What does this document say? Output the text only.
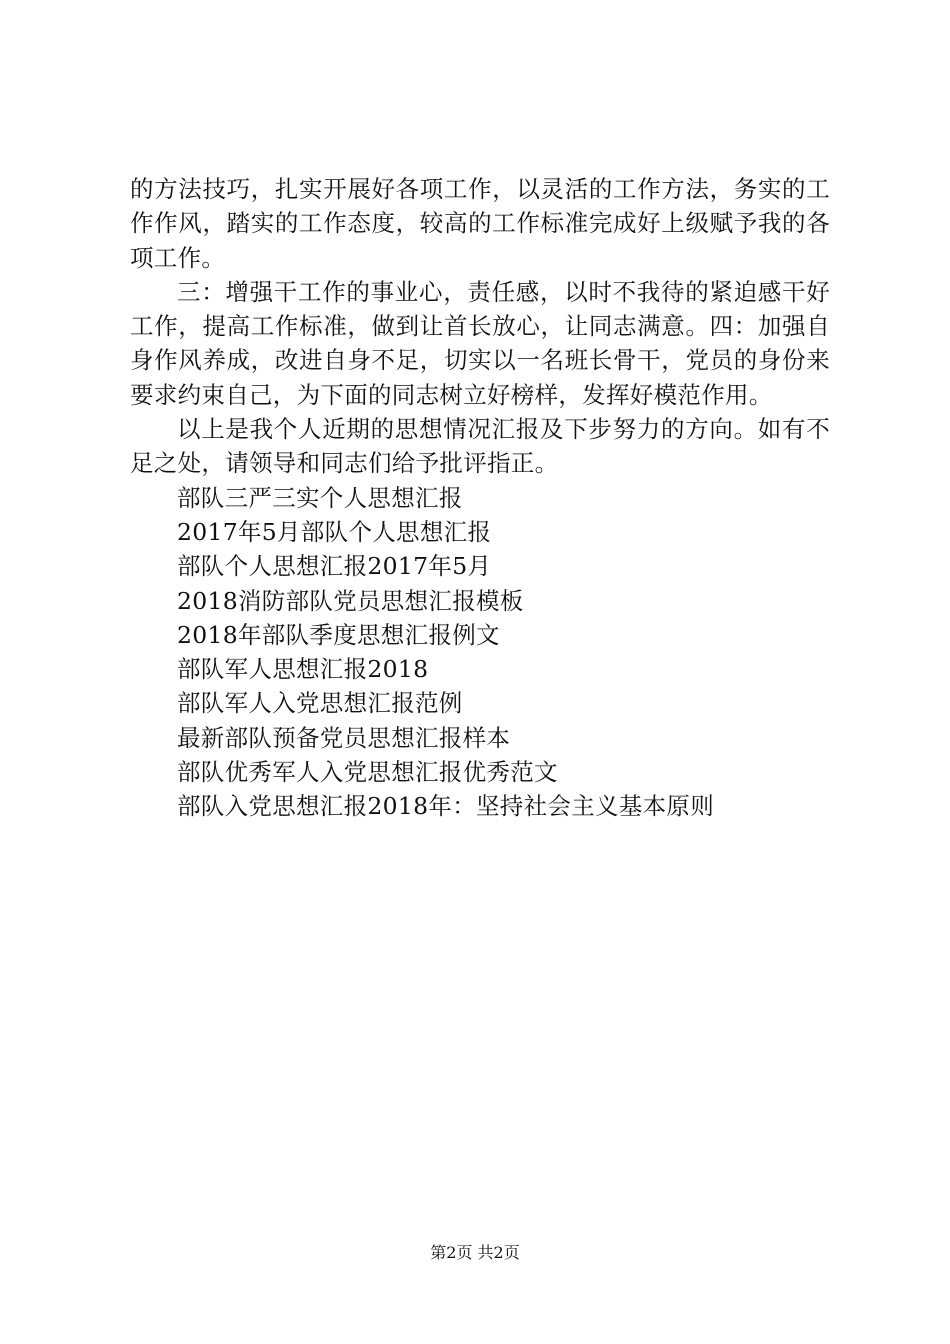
的方法技巧，扎实开展好各项工作，以灵活的工作方法，务实的工作作风，踏实的工作态度，较高的工作标准完成好上级赋予我的各项工作。

三：增强干工作的事业心，责任感，以时不我待的紧迫感干好工作，提高工作标准，做到让首长放心，让同志满意。四：加强自身作风养成，改进自身不足，切实以一名班长骨干，党员的身份来要求约束自己，为下面的同志树立好榜样，发挥好模范作用。

以上是我个人近期的思想情况汇报及下步努力的方向。如有不足之处，请领导和同志们给予批评指正。

部队三严三实个人思想汇报
2017年5月部队个人思想汇报
部队个人思想汇报2017年5月
2018消防部队党员思想汇报模板
2018年部队季度思想汇报例文
部队军人思想汇报2018
部队军人入党思想汇报范例
最新部队预备党员思想汇报样本
部队优秀军人入党思想汇报优秀范文
部队入党思想汇报2018年：坚持社会主义基本原则
第2页 共2页
